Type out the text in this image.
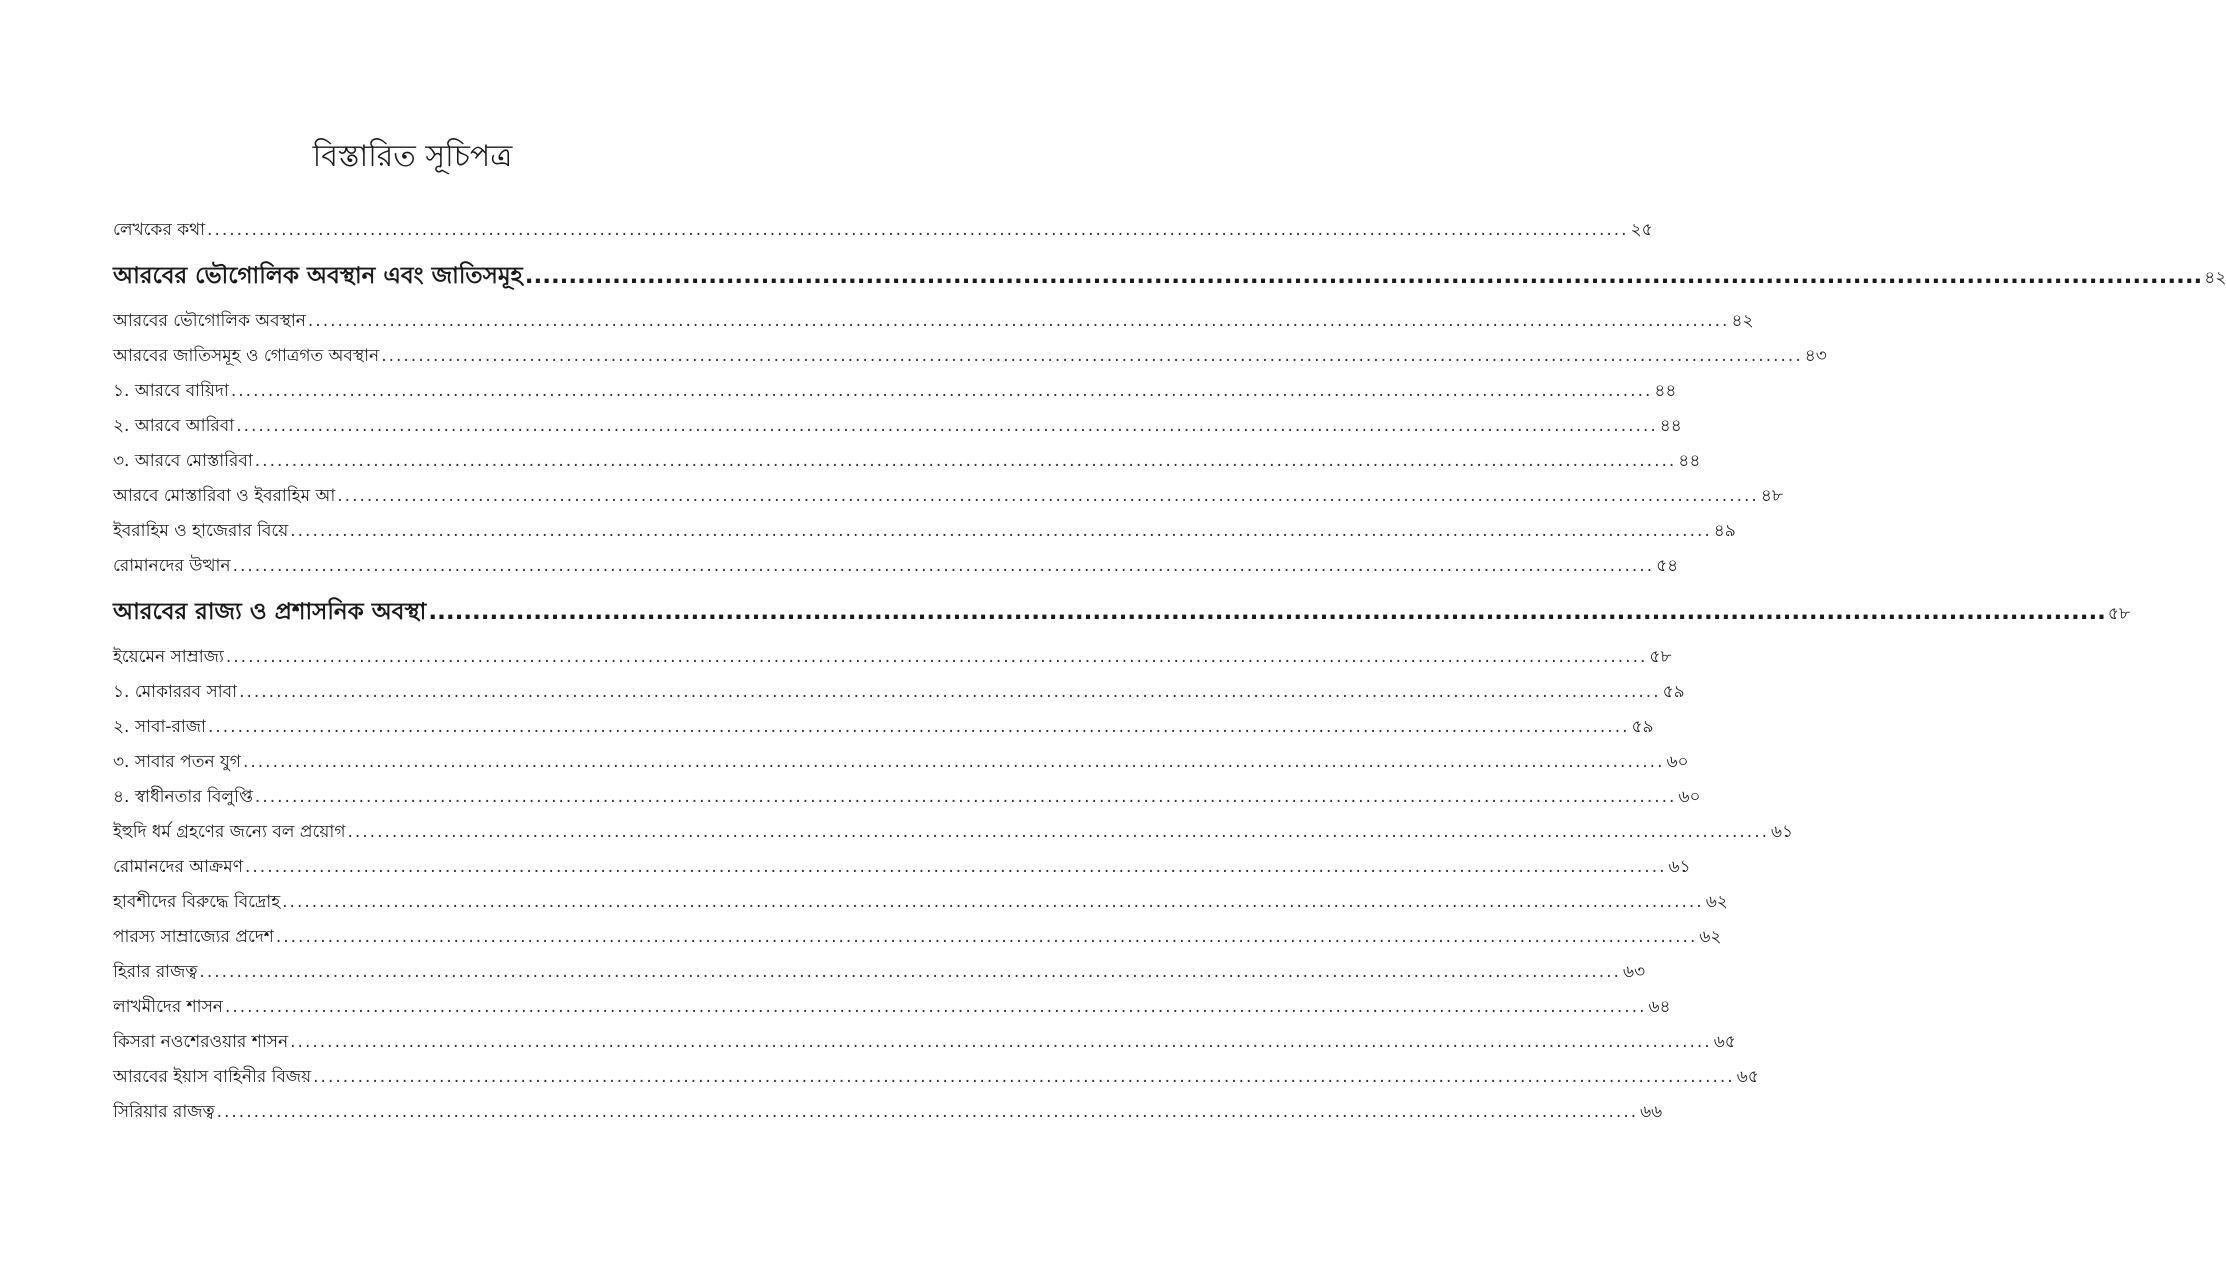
বিস্তারিত সূচিপত্র
লেখকের কথা .....	২৫
আরবের ভৌগোলিক অবস্থান এবং জাতিসমূহ .....	৪২
আরবের ভৌগোলিক অবস্থান .....	৪২
আরবের জাতিসমূহ ও গোত্রগত অবস্থান .....	৪৩
১. আরবে বায়িদা .....	৪৪
২. আরবে আরিবা .....	৪৪
৩. আরবে মোস্তারিবা .....	৪৪
আরবে মোস্তারিবা ও ইবরাহিম আ .....	৪৮
ইবরাহিম ও হাজেরার বিয়ে .....	৪৯
রোমানদের উত্থান .....	৫৪
আরবের রাজ্য ও প্রশাসনিক অবস্থা .....	৫৮
ইয়েমেন সাম্রাজ্য .....	৫৮
১. মোকাররব সাবা .....	৫৯
২. সাবা-রাজা .....	৫৯
৩. সাবার পতন যুগ .....	৬০
৪. স্বাধীনতার বিলুপ্তি .....	৬০
ইহুদি ধর্ম গ্রহণের জন্যে বল প্রয়োগ .....	৬১
রোমানদের আক্রমণ .....	৬১
হাবশীদের বিরুদ্ধে বিদ্রোহ .....	৬২
পারস্য সাম্রাজ্যের প্রদেশ .....	৬২
হিরার রাজত্ব .....	৬৩
লাখমীদের শাসন .....	৬৪
কিসরা নওশেরওয়ার শাসন .....	৬৫
আরবের ইয়াস বাহিনীর বিজয় .....	৬৫
সিরিয়ার রাজত্ব .....	৬৬
